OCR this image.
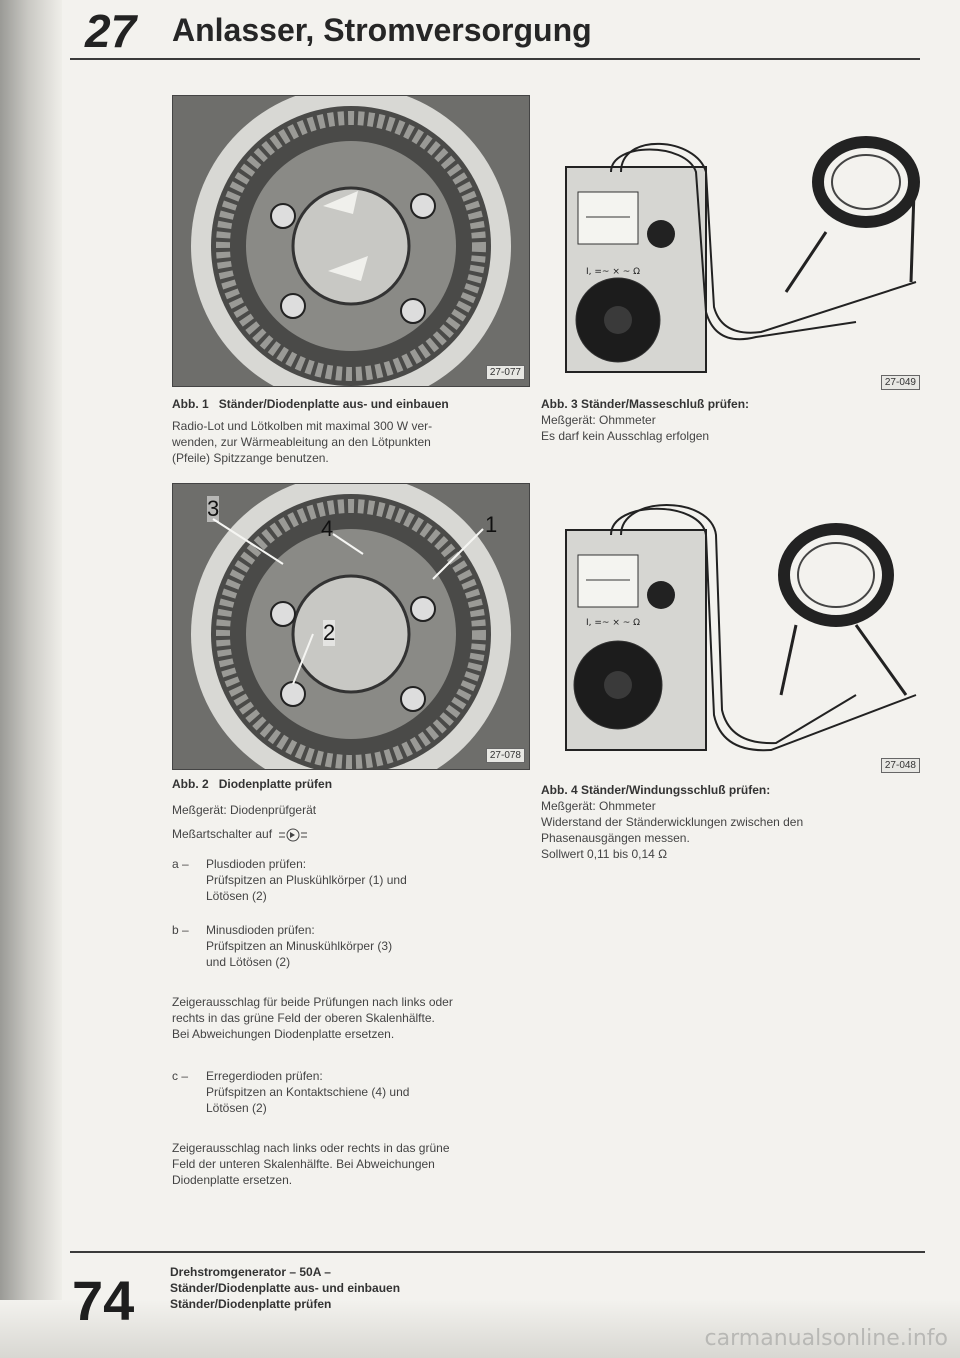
27 Anlasser, Stromversorgung
27-077
Abb. 1 Ständer/Diodenplatte aus- und einbauen
Radio-Lot und Lötkolben mit maximal 300 W ver-
wenden, zur Wärmeableitung an den Lötpunkten
(Pfeile) Spitzzange benutzen.
27-078
3
4	1
2
Abb. 2 Diodenplatte prüfen
Meßgerät: Diodenprüfgerät
Meßartschalter auf
a – Plusdioden prüfen:
Prüfspitzen an Pluskühlkörper (1) und
Lötösen (2)
b – Minusdioden prüfen:
Prüfspitzen an Minuskühlkörper (3)
und Lötösen (2)
Zeigerausschlag für beide Prüfungen nach links oder
rechts in das grüne Feld der oberen Skalenhälfte.
Bei Abweichungen Diodenplatte ersetzen.
c – Erregerdioden prüfen:
Prüfspitzen an Kontaktschiene (4) und
Lötösen (2)
Zeigerausschlag nach links oder rechts in das grüne
Feld der unteren Skalenhälfte. Bei Abweichungen
Diodenplatte ersetzen.
I, =~ × ~ Ω
27-049
Abb. 3 Ständer/Masseschluß prüfen:
Meßgerät: Ohmmeter
Es darf kein Ausschlag erfolgen
I, =~ × ~ Ω
27-048
Abb. 4 Ständer/Windungsschluß prüfen:
Meßgerät: Ohmmeter
Widerstand der Ständerwicklungen zwischen den
Phasenausgängen messen.
Sollwert 0,11 bis 0,14 Ω
74	Drehstromgenerator – 50A –
Ständer/Diodenplatte aus- und einbauen
Ständer/Diodenplatte prüfen
carmanualsonline.info
